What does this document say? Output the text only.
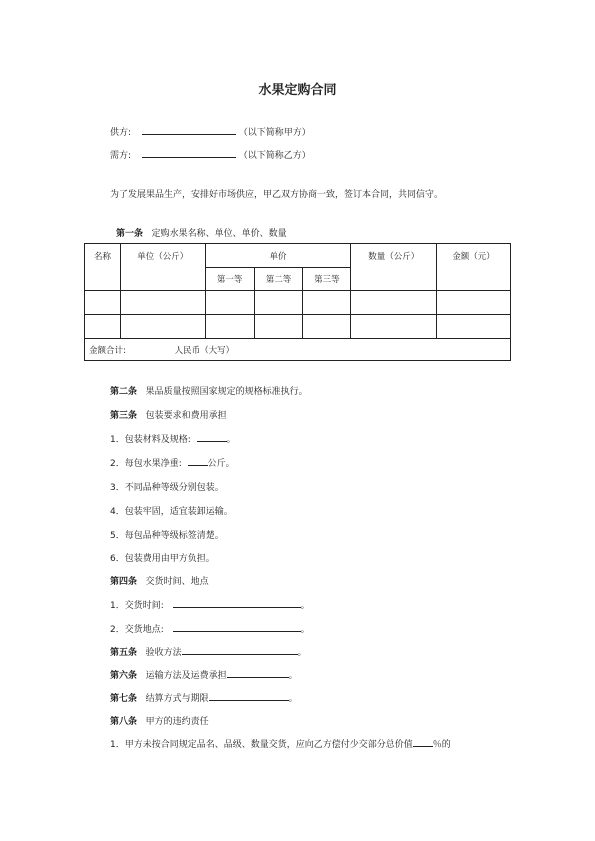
水果定购合同
供方:	（以下简称甲方）
需方:	（以下简称乙方）
为了发展果品生产，安排好市场供应，甲乙双方协商一致，签订本合同，共同信守。
第一条 定购水果名称、单位、单价、数量
名称	单位（公斤）	单价			数量（公斤）	金额（元）
		第一等	第二等	第三等		

金额合计: 人民币（大写）						
第二条 果品质量按照国家规定的规格标准执行。
第三条 包装要求和费用承担
1．包装材料及规格:	。
2．每包水果净重:	公斤。
3．不同品种等级分别包装。
4．包装牢固，适宜装卸运输。
5．每包品种等级标签清楚。
6．包装费用由甲方负担。
第四条 交货时间、地点
1．交货时间:	。
2．交货地点:	。
第五条 验收方法	。
第六条 运输方法及运费承担	。
第七条 结算方式与期限	。
第八条 甲方的违约责任
1．甲方未按合同规定品名、品级、数量交货，应向乙方偿付少交部分总价值 ％的
